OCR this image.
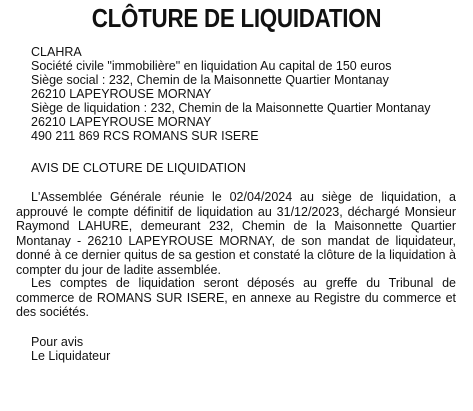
CLÔTURE DE LIQUIDATION
CLAHRA
Société civile "immobilière" en liquidation Au capital de 150 euros
Siège social : 232, Chemin de la Maisonnette Quartier Montanay
26210 LAPEYROUSE MORNAY
Siège de liquidation : 232, Chemin de la Maisonnette Quartier Montanay
26210 LAPEYROUSE MORNAY
490 211 869 RCS ROMANS SUR ISERE
AVIS DE CLOTURE DE LIQUIDATION
L'Assemblée Générale réunie le 02/04/2024 au siège de liquidation, a approuvé le compte définitif de liquidation au 31/12/2023, déchargé Monsieur Raymond LAHURE, demeurant 232, Chemin de la Maisonnette Quartier Montanay - 26210 LAPEYROUSE MORNAY, de son mandat de liquidateur, donné à ce dernier quitus de sa gestion et constaté la clôture de la liquidation à compter du jour de ladite assemblée.
Les comptes de liquidation seront déposés au greffe du Tribunal de commerce de ROMANS SUR ISERE, en annexe au Registre du commerce et des sociétés.
Pour avis
Le Liquidateur
